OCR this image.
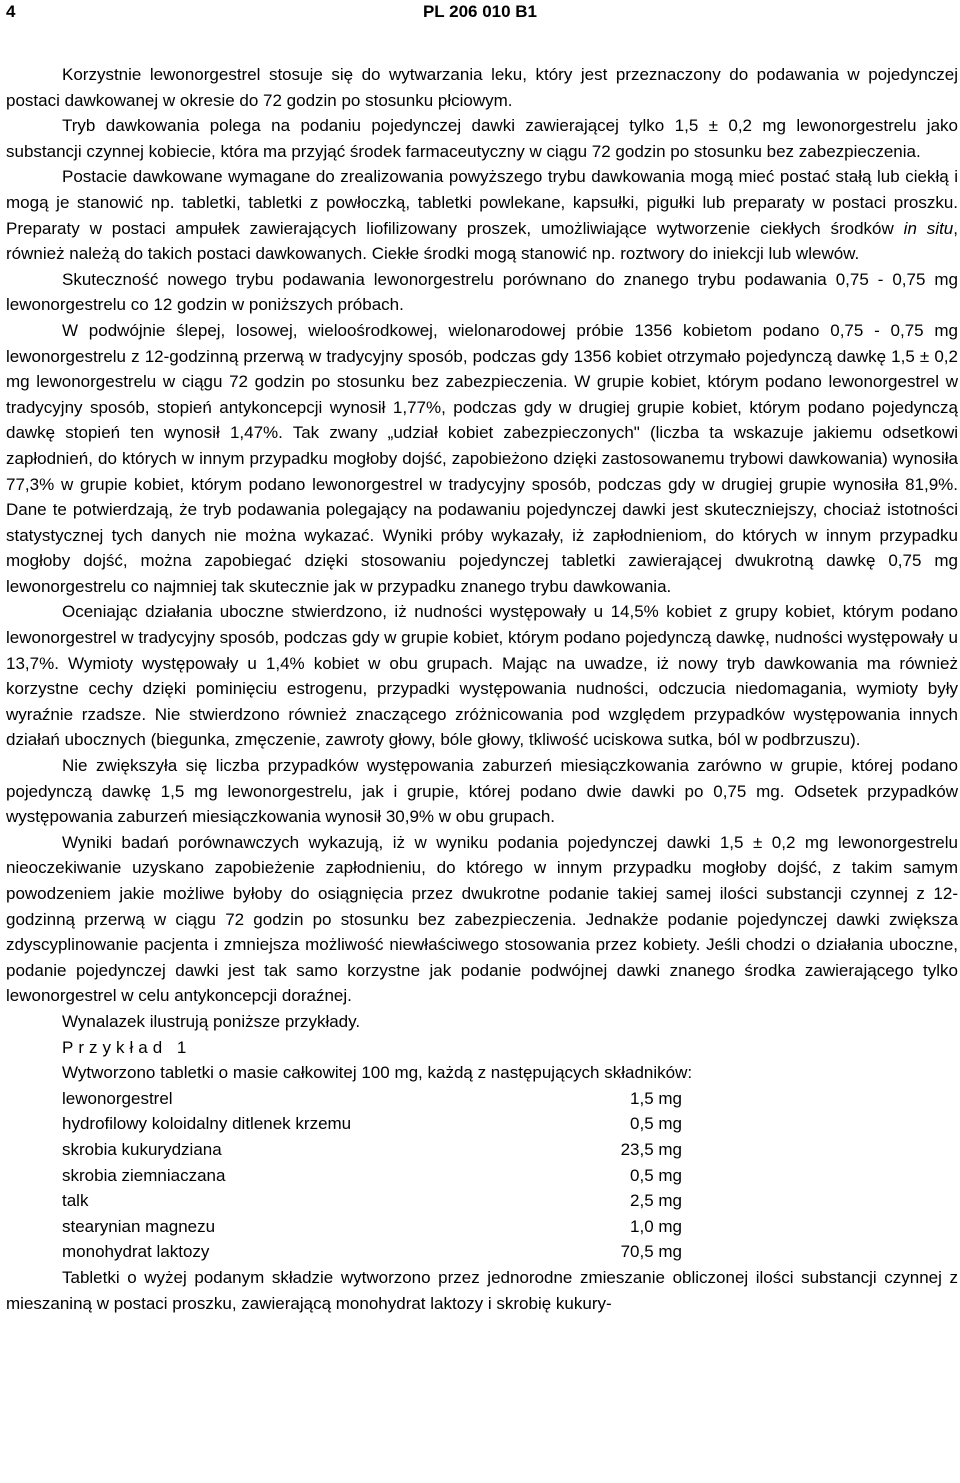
4	PL 206 010 B1

Korzystnie lewonorgestrel stosuje się do wytwarzania leku, który jest przeznaczony do podawania w pojedynczej postaci dawkowanej w okresie do 72 godzin po stosunku płciowym.

Tryb dawkowania polega na podaniu pojedynczej dawki zawierającej tylko 1,5 ± 0,2 mg lewonorgestrelu jako substancji czynnej kobiecie, która ma przyjąć środek farmaceutyczny w ciągu 72 godzin po stosunku bez zabezpieczenia.

Postacie dawkowane wymagane do zrealizowania powyższego trybu dawkowania mogą mieć postać stałą lub ciekłą i mogą je stanowić np. tabletki, tabletki z powłoczką, tabletki powlekane, kapsułki, pigułki lub preparaty w postaci proszku. Preparaty w postaci ampułek zawierających liofilizowany proszek, umożliwiające wytworzenie ciekłych środków in situ, również należą do takich postaci dawkowanych. Ciekłe środki mogą stanowić np. roztwory do iniekcji lub wlewów.

Skuteczność nowego trybu podawania lewonorgestrelu porównano do znanego trybu podawania 0,75 - 0,75 mg lewonorgestrelu co 12 godzin w poniższych próbach.

W podwójnie ślepej, losowej, wieloośrodkowej, wielonarodowej próbie 1356 kobietom podano 0,75 - 0,75 mg lewonorgestrelu z 12-godzinną przerwą w tradycyjny sposób, podczas gdy 1356 kobiet otrzymało pojedynczą dawkę 1,5 ± 0,2 mg lewonorgestrelu w ciągu 72 godzin po stosunku bez zabezpieczenia. W grupie kobiet, którym podano lewonorgestrel w tradycyjny sposób, stopień antykoncepcji wynosił 1,77%, podczas gdy w drugiej grupie kobiet, którym podano pojedynczą dawkę stopień ten wynosił 1,47%. Tak zwany „udział kobiet zabezpieczonych" (liczba ta wskazuje jakiemu odsetkowi zapłodnień, do których w innym przypadku mogłoby dojść, zapobieżono dzięki zastosowanemu trybowi dawkowania) wynosiła 77,3% w grupie kobiet, którym podano lewonorgestrel w tradycyjny sposób, podczas gdy w drugiej grupie wynosiła 81,9%. Dane te potwierdzają, że tryb podawania polegający na podawaniu pojedynczej dawki jest skuteczniejszy, chociaż istotności statystycznej tych danych nie można wykazać. Wyniki próby wykazały, iż zapłodnieniom, do których w innym przypadku mogłoby dojść, można zapobiegać dzięki stosowaniu pojedynczej tabletki zawierającej dwukrotną dawkę 0,75 mg lewonorgestrelu co najmniej tak skutecznie jak w przypadku znanego trybu dawkowania.

Oceniając działania uboczne stwierdzono, iż nudności występowały u 14,5% kobiet z grupy kobiet, którym podano lewonorgestrel w tradycyjny sposób, podczas gdy w grupie kobiet, którym podano pojedynczą dawkę, nudności występowały u 13,7%. Wymioty występowały u 1,4% kobiet w obu grupach. Mając na uwadze, iż nowy tryb dawkowania ma również korzystne cechy dzięki pominięciu estrogenu, przypadki występowania nudności, odczucia niedomagania, wymioty były wyraźnie rzadsze. Nie stwierdzono również znaczącego zróżnicowania pod względem przypadków występowania innych działań ubocznych (biegunka, zmęczenie, zawroty głowy, bóle głowy, tkliwość uciskowa sutka, ból w podbrzuszu).

Nie zwiększyła się liczba przypadków występowania zaburzeń miesiączkowania zarówno w grupie, której podano pojedynczą dawkę 1,5 mg lewonorgestrelu, jak i grupie, której podano dwie dawki po 0,75 mg. Odsetek przypadków występowania zaburzeń miesiączkowania wynosił 30,9% w obu grupach.

Wyniki badań porównawczych wykazują, iż w wyniku podania pojedynczej dawki 1,5 ± 0,2 mg lewonorgestrelu nieoczekiwanie uzyskano zapobieżenie zapłodnieniu, do którego w innym przypadku mogłoby dojść, z takim samym powodzeniem jakie możliwe byłoby do osiągnięcia przez dwukrotne podanie takiej samej ilości substancji czynnej z 12-godzinną przerwą w ciągu 72 godzin po stosunku bez zabezpieczenia. Jednakże podanie pojedynczej dawki zwiększa zdyscyplinowanie pacjenta i zmniejsza możliwość niewłaściwego stosowania przez kobiety. Jeśli chodzi o działania uboczne, podanie pojedynczej dawki jest tak samo korzystne jak podanie podwójnej dawki znanego środka zawierającego tylko lewonorgestrel w celu antykoncepcji doraźnej.

Wynalazek ilustrują poniższe przykłady.

Przykład 1

Wytworzono tabletki o masie całkowitej 100 mg, każdą z następujących składników:

lewonorgestrel	1,5 mg
hydrofilowy koloidalny ditlenek krzemu	0,5 mg
skrobia kukurydziana	23,5 mg
skrobia ziemniaczana	0,5 mg
talk	2,5 mg
stearynian magnezu	1,0 mg
monohydrat laktozy	70,5 mg

Tabletki o wyżej podanym składzie wytworzono przez jednorodne zmieszanie obliczonej ilości substancji czynnej z mieszaniną w postaci proszku, zawierającą monohydrat laktozy i skrobię kukury-
